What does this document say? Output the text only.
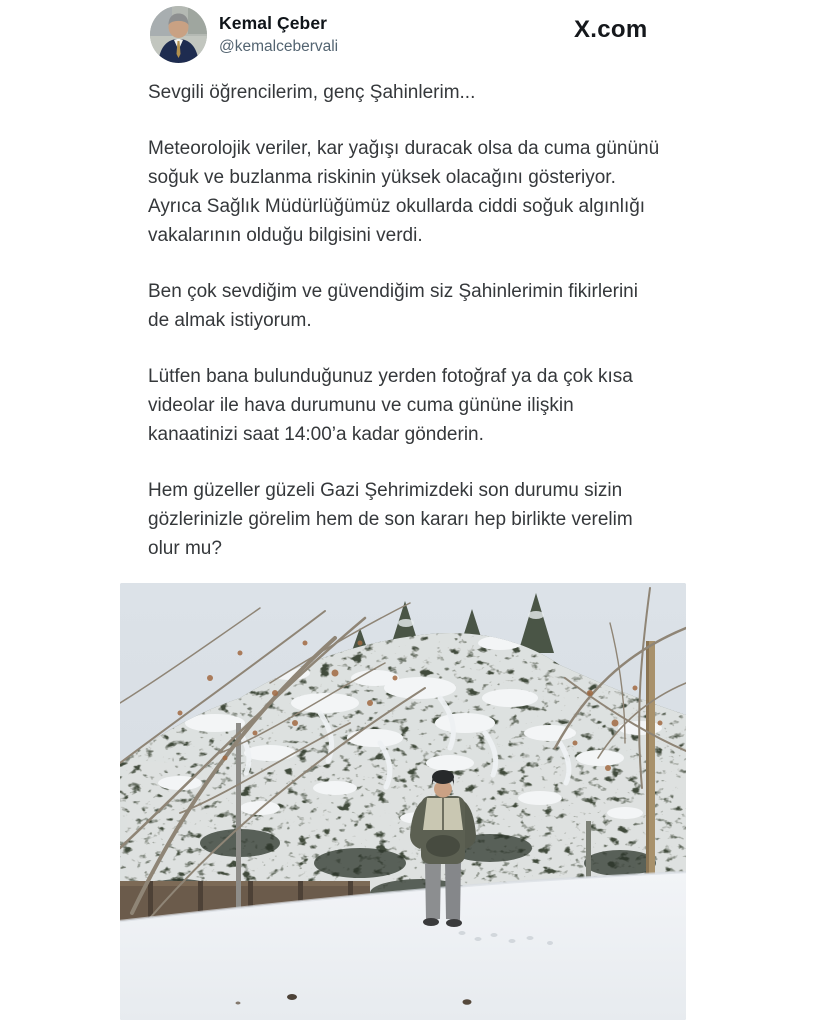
Kemal Çeber
@kemalcebervali
X.com

Sevgili öğrencilerim, genç Şahinlerim...

Meteorolojik veriler, kar yağışı duracak olsa da cuma gününü soğuk ve buzlanma riskinin yüksek olacağını gösteriyor. Ayrıca Sağlık Müdürlüğümüz okullarda ciddi soğuk algınlığı vakalarının olduğu bilgisini verdi.

Ben çok sevdiğim ve güvendiğim siz Şahinlerimin fikirlerini de almak istiyorum.

Lütfen bana bulunduğunuz yerden fotoğraf ya da çok kısa videolar ile hava durumunu ve cuma gününe ilişkin kanaatinizi saat 14:00’a kadar gönderin.

Hem güzeller güzeli Gazi Şehrimizdeki son durumu sizin gözlerinizle görelim hem de son kararı hep birlikte verelim olur mu?
